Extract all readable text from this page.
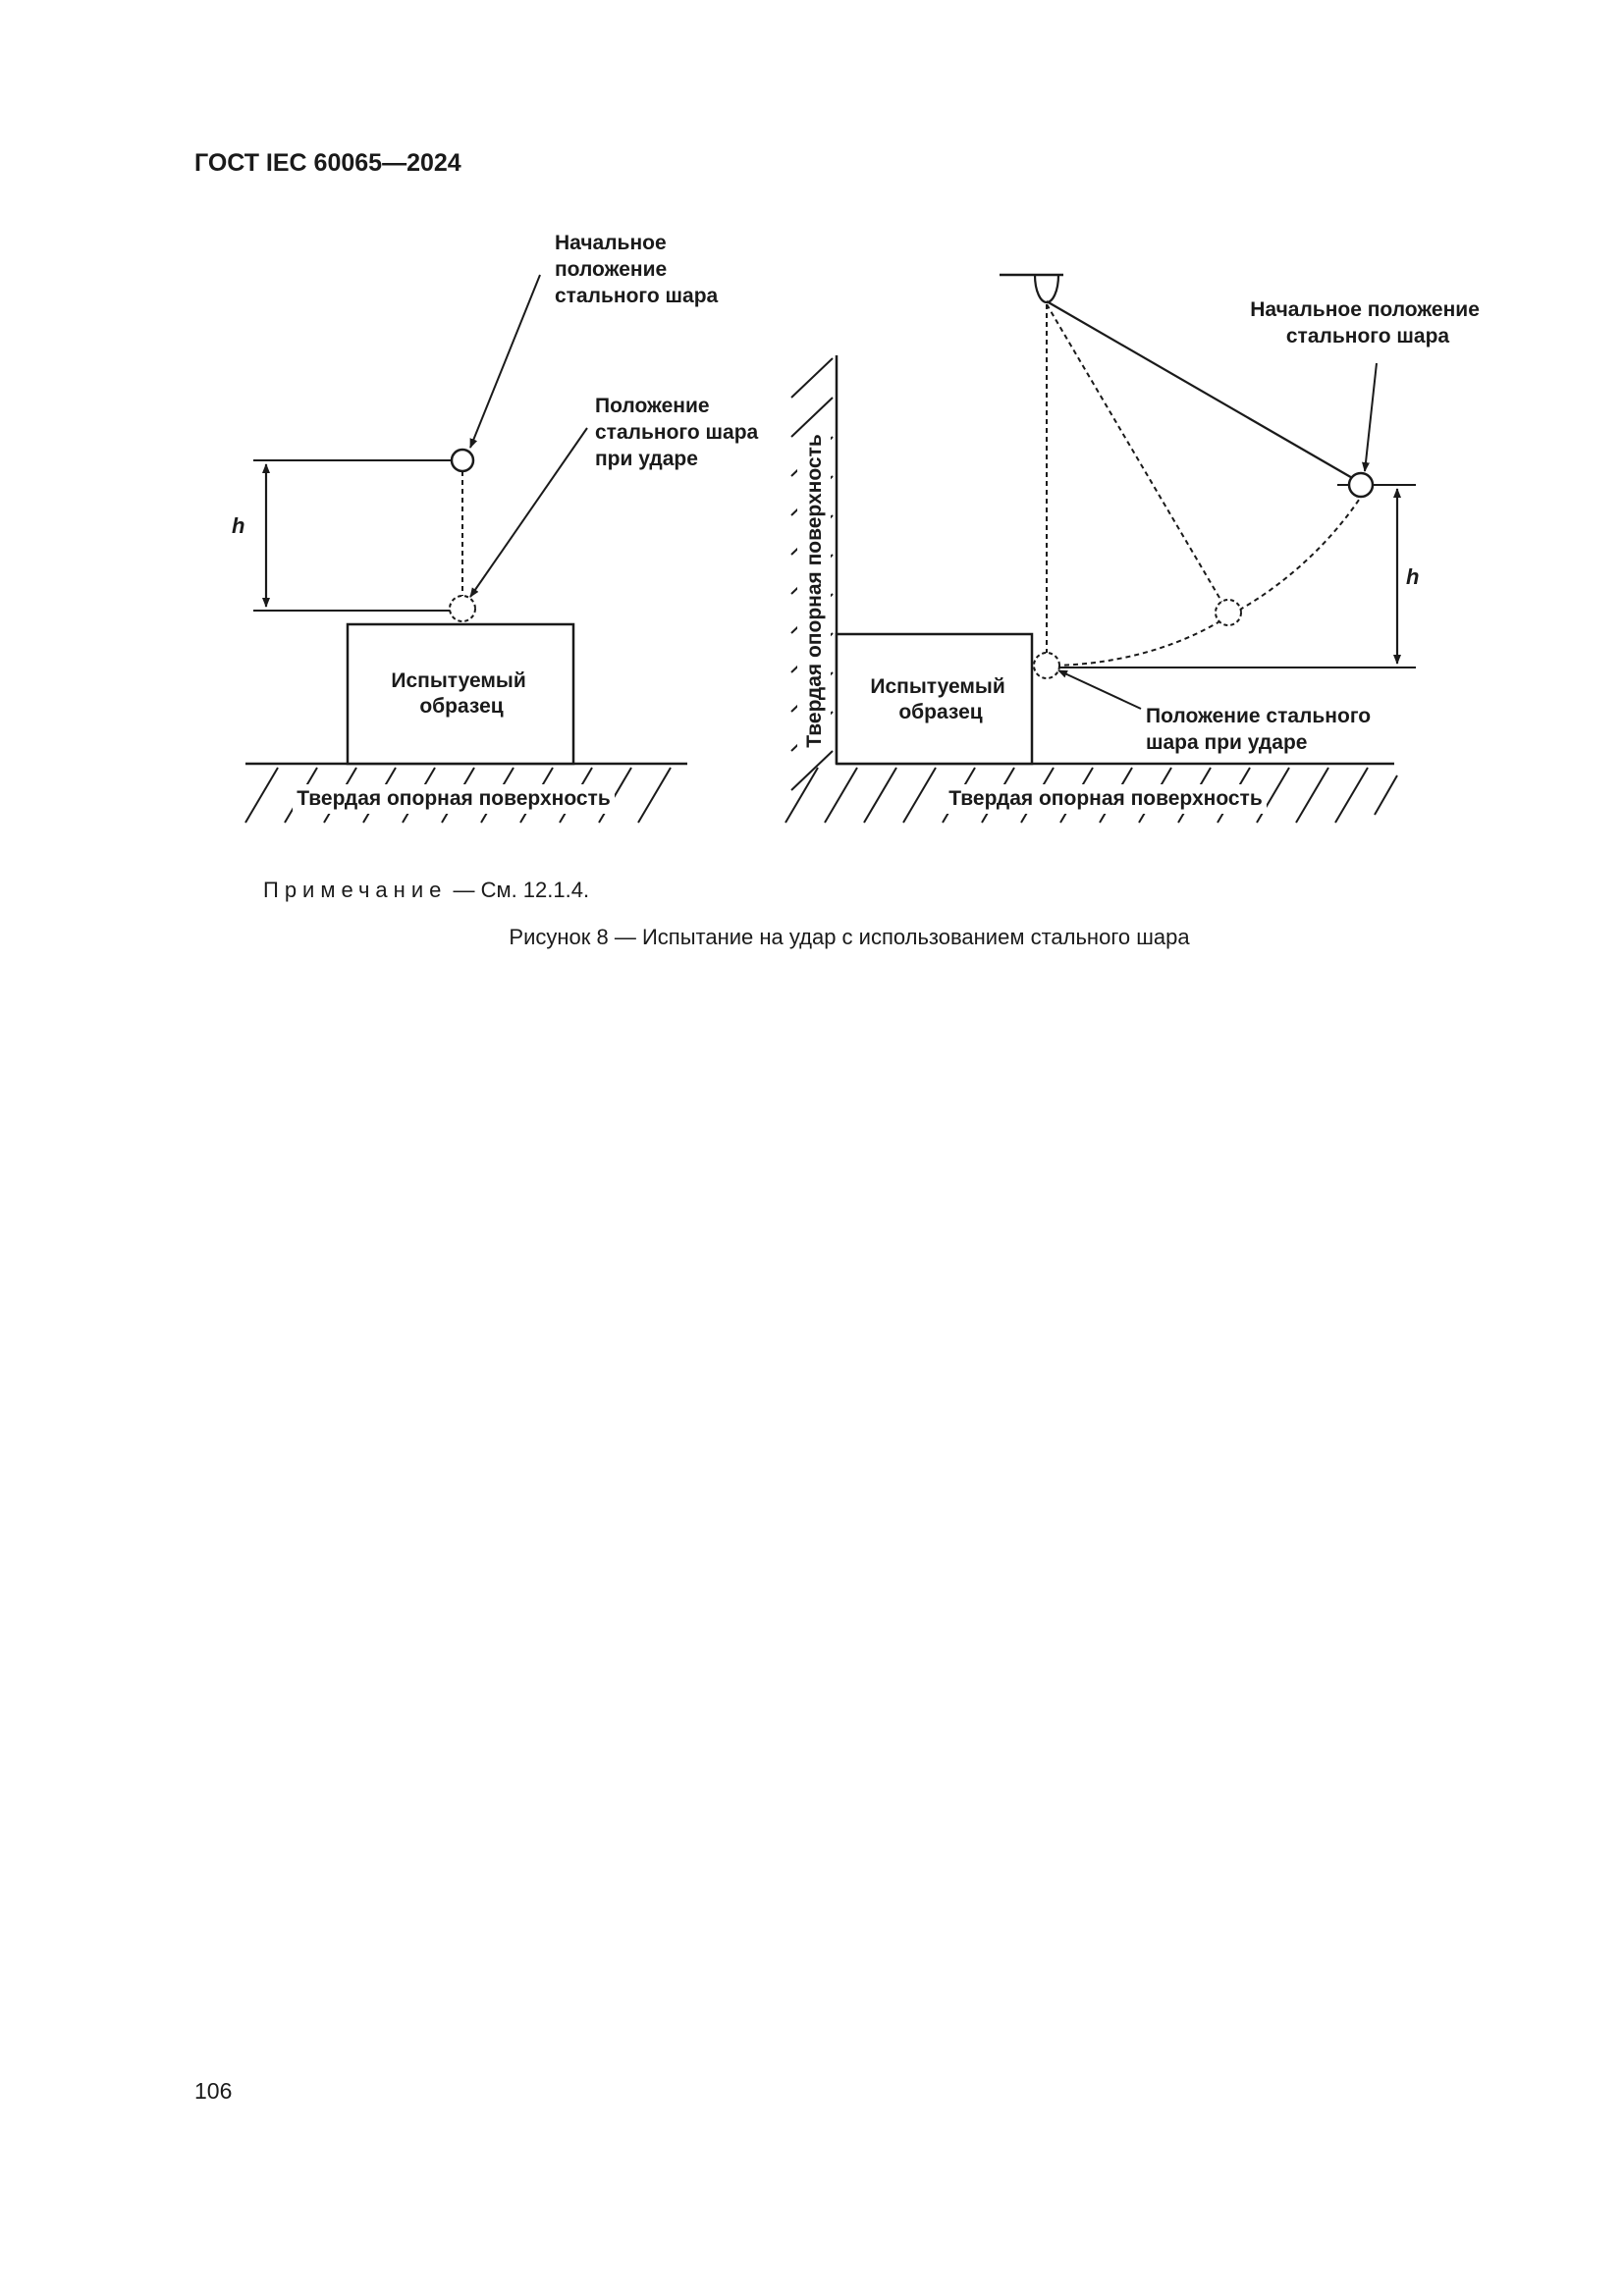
ГОСТ IEC 60065—2024
Испытуемый образец
Твердая опорная поверхность
h
Начальное положение стального шара
Положение стального шара при ударе	Твердая опорная поверхность Испытуемый образец
Твердая опорная поверхность
h
Начальное положение стального шара
Положение стального шара при ударе
Примечание — См. 12.1.4.
Рисунок 8 — Испытание на удар с использованием стального шара
106
